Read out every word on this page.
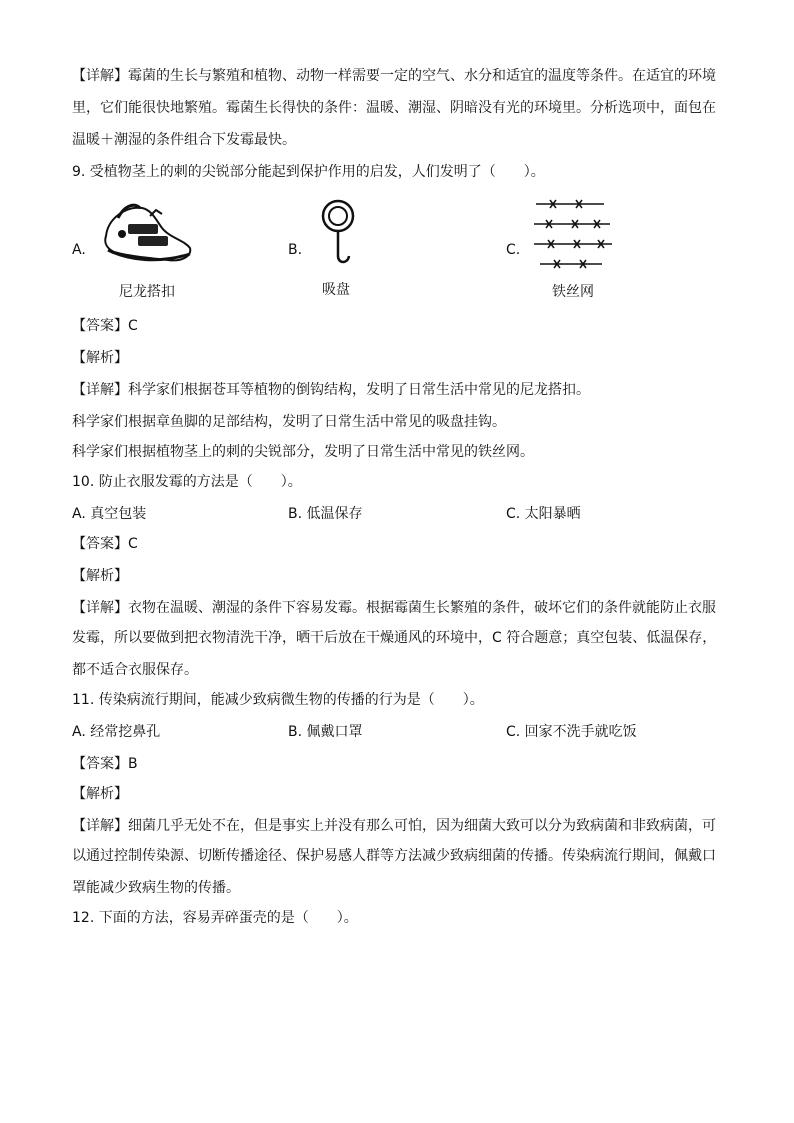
【详解】霉菌的生长与繁殖和植物、动物一样需要一定的空气、水分和适宜的温度等条件。在适宜的环境
里，它们能很快地繁殖。霉菌生长得快的条件：温暖、潮湿、阴暗没有光的环境里。分析选项中，面包在
温暖＋潮湿的条件组合下发霉最快。
9. 受植物茎上的刺的尖锐部分能起到保护作用的启发，人们发明了（　　）。
A.
尼龙搭扣
B.
吸盘
C.
铁丝网
【答案】C
【解析】
【详解】科学家们根据苍耳等植物的倒钩结构，发明了日常生活中常见的尼龙搭扣。
科学家们根据章鱼脚的足部结构，发明了日常生活中常见的吸盘挂钩。
科学家们根据植物茎上的刺的尖锐部分，发明了日常生活中常见的铁丝网。
10. 防止衣服发霉的方法是（　　）。
A. 真空包装	B. 低温保存	C. 太阳暴晒
【答案】C
【解析】
【详解】衣物在温暖、潮湿的条件下容易发霉。根据霉菌生长繁殖的条件，破坏它们的条件就能防止衣服
发霉，所以要做到把衣物清洗干净，晒干后放在干燥通风的环境中，C 符合题意；真空包装、低温保存，
都不适合衣服保存。
11. 传染病流行期间，能减少致病微生物的传播的行为是（　　）。
A. 经常挖鼻孔	B. 佩戴口罩	C. 回家不洗手就吃饭
【答案】B
【解析】
【详解】细菌几乎无处不在，但是事实上并没有那么可怕，因为细菌大致可以分为致病菌和非致病菌，可
以通过控制传染源、切断传播途径、保护易感人群等方法减少致病细菌的传播。传染病流行期间，佩戴口
罩能减少致病生物的传播。
12. 下面的方法，容易弄碎蛋壳的是（　　）。
